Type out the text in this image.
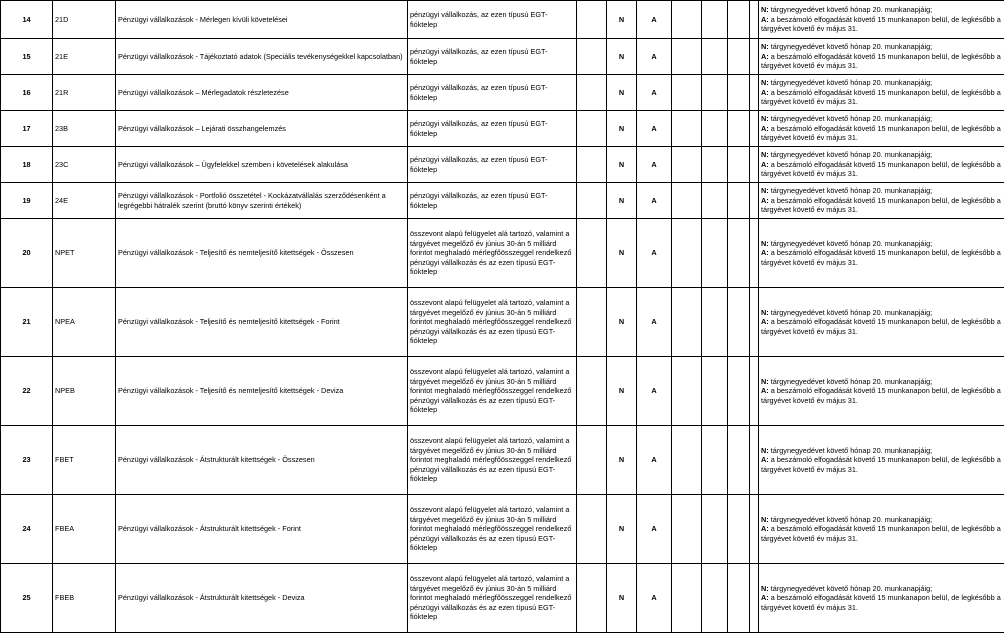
14	21D	Pénzügyi vállalkozások - Mérlegen kívüli követelései	pénzügyi vállalkozás, az ezen típusú EGT-fióktelep		N	A					N: tárgynegyedévet követő hónap 20. munkanapjáig;
A: a beszámoló elfogadását követő 15 munkanapon belül, de legkésőbb a tárgyévet követő év május 31.
15	21E	Pénzügyi vállalkozások - Tájékoztató adatok (Speciális tevékenységekkel kapcsolatban)	pénzügyi vállalkozás, az ezen típusú EGT-fióktelep		N	A					N: tárgynegyedévet követő hónap 20. munkanapjáig;
A: a beszámoló elfogadását követő 15 munkanapon belül, de legkésőbb a tárgyévet követő év május 31.
16	21R	Pénzügyi vállalkozások – Mérlegadatok részletezése	pénzügyi vállalkozás, az ezen típusú EGT-fióktelep		N	A					N: tárgynegyedévet követő hónap 20. munkanapjáig;
A: a beszámoló elfogadását követő 15 munkanapon belül, de legkésőbb a tárgyévet követő év május 31.
17	23B	Pénzügyi vállalkozások – Lejárati összhangelemzés	pénzügyi vállalkozás, az ezen típusú EGT-fióktelep		N	A					N: tárgynegyedévet követő hónap 20. munkanapjáig;
A: a beszámoló elfogadását követő 15 munkanapon belül, de legkésőbb a tárgyévet követő év május 31.
18	23C	Pénzügyi vállalkozások – Ügyfelekkel szemben i követelések alakulása	pénzügyi vállalkozás, az ezen típusú EGT-fióktelep		N	A					N: tárgynegyedévet követő hónap 20. munkanapjáig;
A: a beszámoló elfogadását követő 15 munkanapon belül, de legkésőbb a tárgyévet követő év május 31.
19	24E	Pénzügyi vállalkozások - Portfolió összetétel - Kockázatvállalás szerződésenként a legrégebbi hátralék szerint (bruttó könyv szerinti értékek)	pénzügyi vállalkozás, az ezen típusú EGT-fióktelep		N	A					N: tárgynegyedévet követő hónap 20. munkanapjáig;
A: a beszámoló elfogadását követő 15 munkanapon belül, de legkésőbb a tárgyévet követő év május 31.
20	NPET	Pénzügyi vállalkozások - Teljesítő és nemteljesítő kitettségek - Összesen	összevont alapú felügyelet alá tartozó, valamint a tárgyévet megelőző év június 30-án 5 milliárd forintot meghaladó mérlegfőösszeggel rendelkező pénzügyi vállalkozás és az ezen típusú EGT-fióktelep		N	A					N: tárgynegyedévet követő hónap 20. munkanapjáig;
A: a beszámoló elfogadását követő 15 munkanapon belül, de legkésőbb a tárgyévet követő év május 31.
21	NPEA	Pénzügyi vállalkozások - Teljesítő és nemteljesítő kitettségek - Forint	összevont alapú felügyelet alá tartozó, valamint a tárgyévet megelőző év június 30-án 5 milliárd forintot meghaladó mérlegfőösszeggel rendelkező pénzügyi vállalkozás és az ezen típusú EGT-fióktelep		N	A					N: tárgynegyedévet követő hónap 20. munkanapjáig;
A: a beszámoló elfogadását követő 15 munkanapon belül, de legkésőbb a tárgyévet követő év május 31.
22	NPEB	Pénzügyi vállalkozások - Teljesítő és nemteljesítő kitettségek - Deviza	összevont alapú felügyelet alá tartozó, valamint a tárgyévet megelőző év június 30-án 5 milliárd forintot meghaladó mérlegfőösszeggel rendelkező pénzügyi vállalkozás és az ezen típusú EGT-fióktelep		N	A					N: tárgynegyedévet követő hónap 20. munkanapjáig;
A: a beszámoló elfogadását követő 15 munkanapon belül, de legkésőbb a tárgyévet követő év május 31.
23	FBET	Pénzügyi vállalkozások - Átstrukturált kitettségek - Összesen	összevont alapú felügyelet alá tartozó, valamint a tárgyévet megelőző év június 30-án 5 milliárd forintot meghaladó mérlegfőösszeggel rendelkező pénzügyi vállalkozás és az ezen típusú EGT-fióktelep		N	A					N: tárgynegyedévet követő hónap 20. munkanapjáig;
A: a beszámoló elfogadását követő 15 munkanapon belül, de legkésőbb a tárgyévet követő év május 31.
24	FBEA	Pénzügyi vállalkozások - Átstrukturált kitettségek - Forint	összevont alapú felügyelet alá tartozó, valamint a tárgyévet megelőző év június 30-án 5 milliárd forintot meghaladó mérlegfőösszeggel rendelkező pénzügyi vállalkozás és az ezen típusú EGT-fióktelep		N	A					N: tárgynegyedévet követő hónap 20. munkanapjáig;
A: a beszámoló elfogadását követő 15 munkanapon belül, de legkésőbb a tárgyévet követő év május 31.
25	FBEB	Pénzügyi vállalkozások - Átstrukturált kitettségek - Deviza	összevont alapú felügyelet alá tartozó, valamint a tárgyévet megelőző év június 30-án 5 milliárd forintot meghaladó mérlegfőösszeggel rendelkező pénzügyi vállalkozás és az ezen típusú EGT-fióktelep		N	A					N: tárgynegyedévet követő hónap 20. munkanapjáig;
A: a beszámoló elfogadását követő 15 munkanapon belül, de legkésőbb a tárgyévet követő év május 31.
